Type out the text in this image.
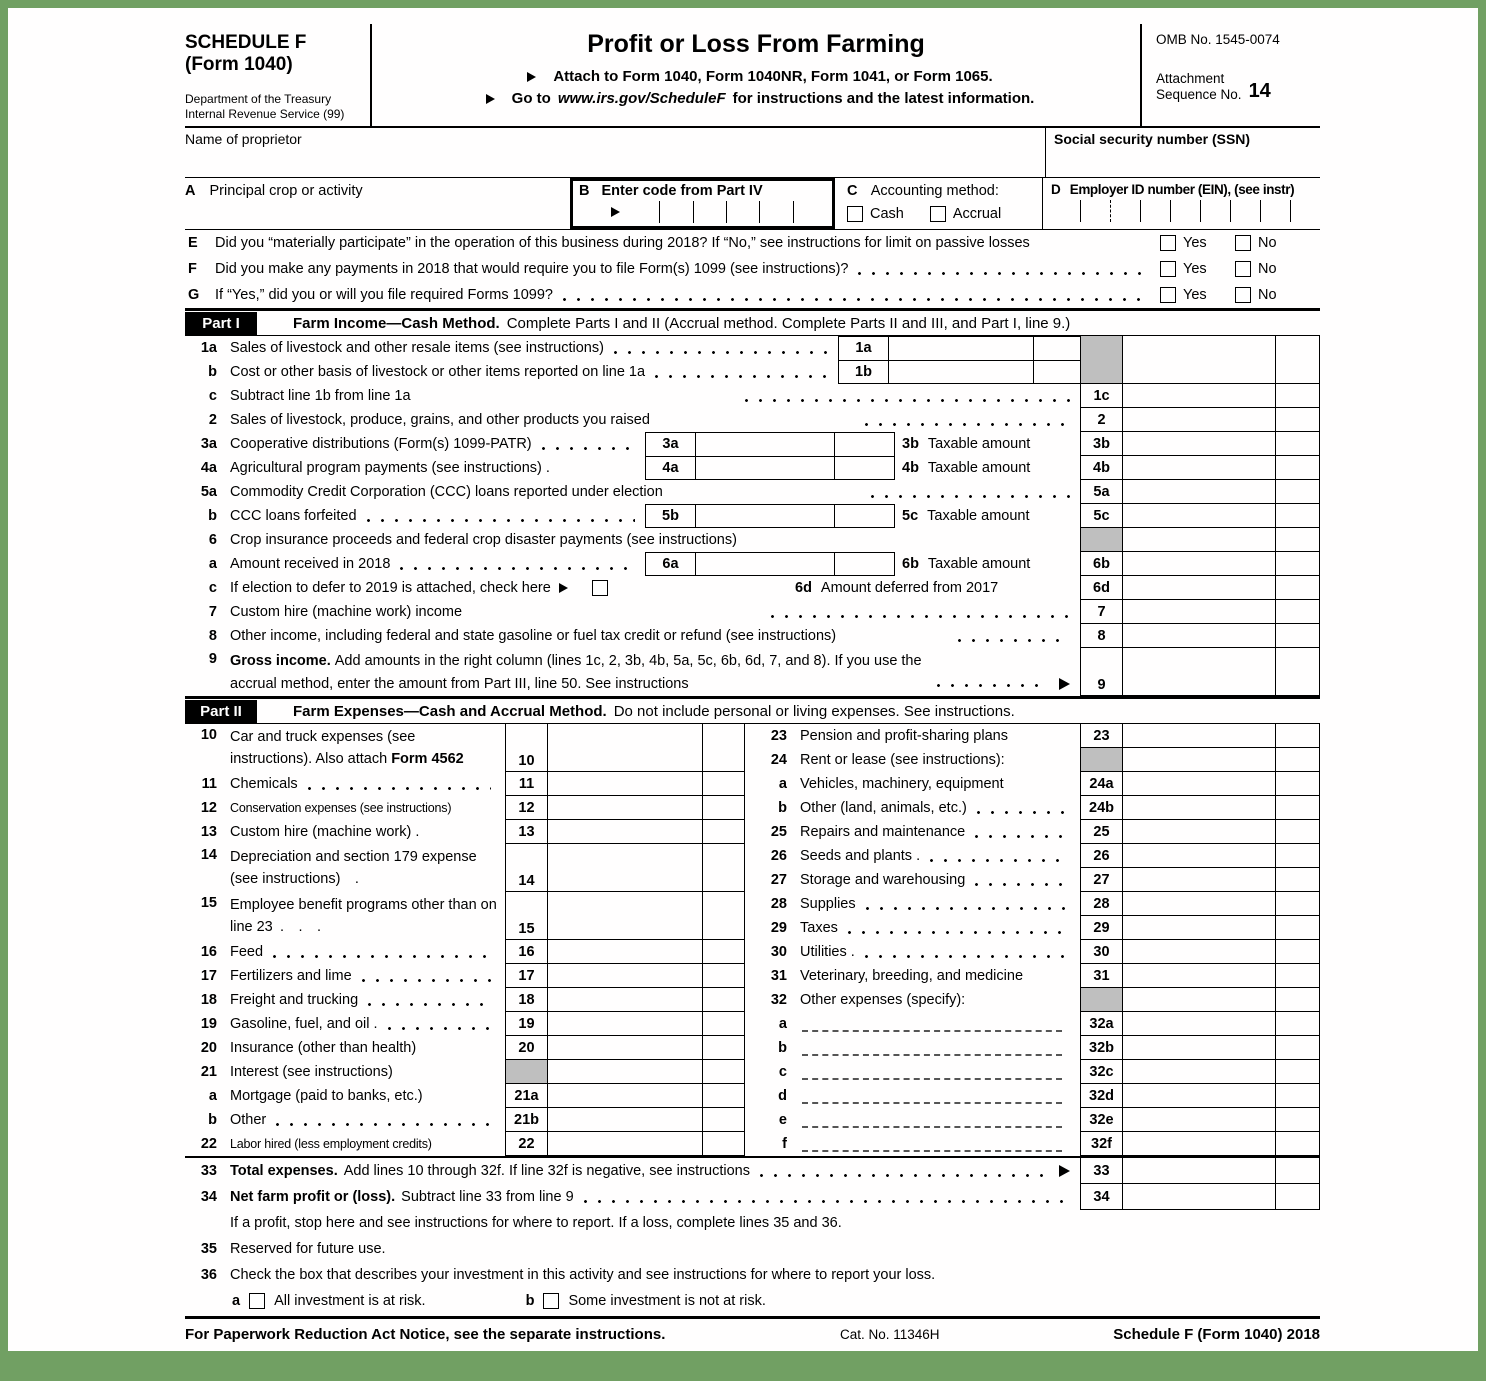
SCHEDULE F
(Form 1040)
Department of the Treasury
Internal Revenue Service (99)
Profit or Loss From Farming
Attach to Form 1040, Form 1040NR, Form 1041, or Form 1065.
Go to www.irs.gov/ScheduleF for instructions and the latest information.
OMB No. 1545-0074
Attachment
Sequence No. 14
Name of proprietor	Social security number (SSN)
A Principal crop or activity	B Enter code from Part IV	C Accounting method:
Cash	Accrual
D Employer ID number (EIN), (see instr)
E	Did you “materially participate” in the operation of this business during 2018? If “No,” see instructions for limit on passive losses	Yes	No
F	Did you make any payments in 2018 that would require you to file Form(s) 1099 (see instructions)?	Yes	No
G	If “Yes,” did you or will you file required Forms 1099?	Yes	No
Part I	Farm Income—Cash Method. Complete Parts I and II (Accrual method. Complete Parts II and III, and Part I, line 9.)
1a Sales of livestock and other resale items (see instructions)	1a
b Cost or other basis of livestock or other items reported on line 1a	1b
c Subtract line 1b from line 1a	1c
2 Sales of livestock, produce, grains, and other products you raised	2
3a Cooperative distributions (Form(s) 1099-PATR)	3a	3b Taxable amount	3b
4a Agricultural program payments (see instructions) .	4a	4b Taxable amount	4b
5a Commodity Credit Corporation (CCC) loans reported under election	5a
b CCC loans forfeited	5b	5c Taxable amount	5c
6 Crop insurance proceeds and federal crop disaster payments (see instructions)
a Amount received in 2018	6a	6b Taxable amount	6b
c If election to defer to 2019 is attached, check here	6d Amount deferred from 2017	6d
7 Custom hire (machine work) income	7
8 Other income, including federal and state gasoline or fuel tax credit or refund (see instructions)	8
9 Gross income. Add amounts in the right column (lines 1c, 2, 3b, 4b, 5a, 5c, 6b, 6d, 7, and 8). If you use the accrual method, enter the amount from Part III, line 50. See instructions	9
Part II	Farm Expenses—Cash and Accrual Method. Do not include personal or living expenses. See instructions.
10 Car and truck expenses (see instructions). Also attach Form 4562	10
11 Chemicals	11
12	Conservation expenses (see instructions)	12
13 Custom hire (machine work) .	13
14 Depreciation and section 179 expense (see instructions)  .	14
15 Employee benefit programs other than on line 23 .  .  .	15
16 Feed	16
17 Fertilizers and lime	17
18 Freight and trucking	18
19 Gasoline, fuel, and oil .	19
20 Insurance (other than health)	20
21 Interest (see instructions)
a Mortgage (paid to banks, etc.)	21a
b Other	21b
22	Labor hired (less employment credits)	22
23 Pension and profit-sharing plans	23
24 Rent or lease (see instructions):
a Vehicles, machinery, equipment	24a
b Other (land, animals, etc.)	24b
25 Repairs and maintenance	25
26 Seeds and plants .	26
27 Storage and warehousing	27
28 Supplies	28
29 Taxes	29
30 Utilities .	30
31 Veterinary, breeding, and medicine	31
32 Other expenses (specify):
a	32a
b	32b
c	32c
d	32d
e	32e
f	32f
33 Total expenses. Add lines 10 through 32f. If line 32f is negative, see instructions	33
34 Net farm profit or (loss). Subtract line 33 from line 9	34
If a profit, stop here and see instructions for where to report. If a loss, complete lines 35 and 36.
35 Reserved for future use.
36 Check the box that describes your investment in this activity and see instructions for where to report your loss.
a All investment is at risk.	b Some investment is not at risk.
For Paperwork Reduction Act Notice, see the separate instructions.	Cat. No. 11346H	Schedule F (Form 1040) 2018
